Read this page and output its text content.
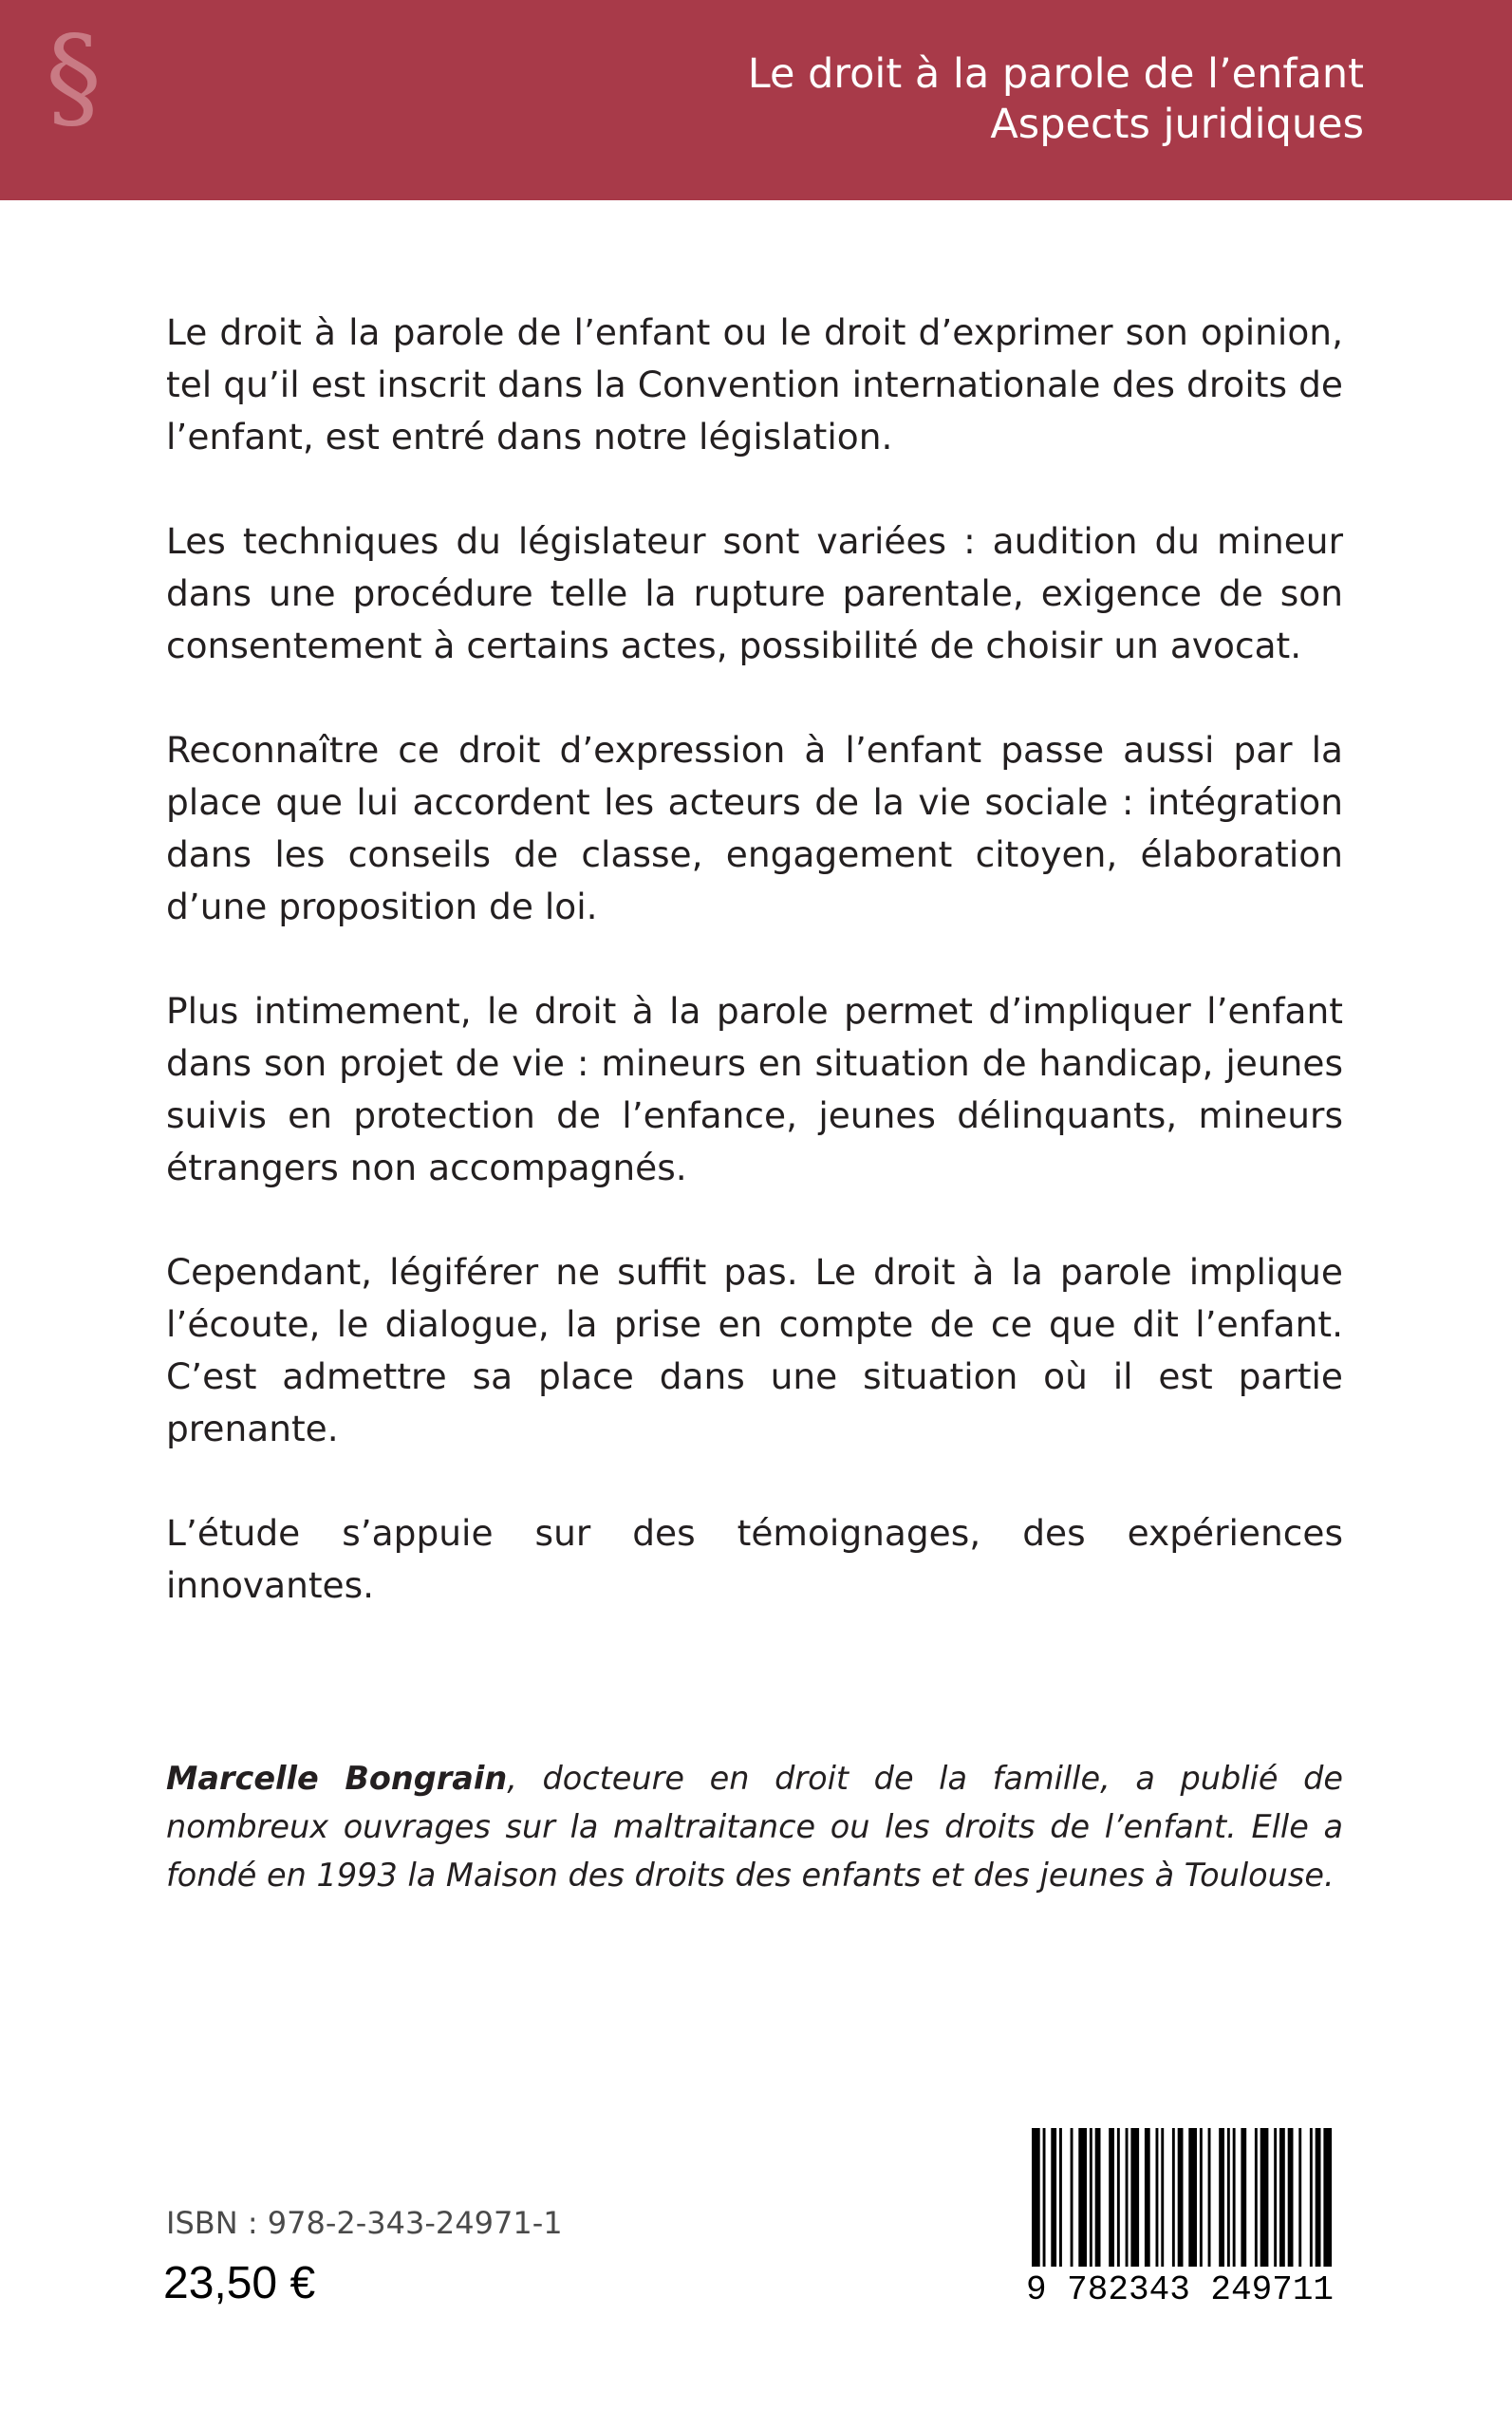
§	Le droit à la parole de l’enfant
Aspects juridiques

Le droit à la parole de l’enfant ou le droit d’exprimer son opinion, tel qu’il est inscrit dans la Convention internationale des droits de l’enfant, est entré dans notre législation.

Les techniques du législateur sont variées : audition du mineur dans une procédure telle la rupture parentale, exigence de son consentement à certains actes, possibilité de choisir un avocat.

Reconnaître ce droit d’expression à l’enfant passe aussi par la place que lui accordent les acteurs de la vie sociale : intégration dans les conseils de classe, engagement citoyen, élaboration d’une proposition de loi.

Plus intimement, le droit à la parole permet d’impliquer l’enfant dans son projet de vie : mineurs en situation de handicap, jeunes suivis en protection de l’enfance, jeunes délinquants, mineurs étrangers non accompagnés.

Cependant, légiférer ne suffit pas. Le droit à la parole implique l’écoute, le dialogue, la prise en compte de ce que dit l’enfant. C’est admettre sa place dans une situation où il est partie prenante.

L’étude s’appuie sur des témoignages, des expériences innovantes.

Marcelle Bongrain, docteure en droit de la famille, a publié de nombreux ouvrages sur la maltraitance ou les droits de l’enfant. Elle a fondé en 1993 la Maison des droits des enfants et des jeunes à Toulouse.
ISBN : 978-2-343-24971-1
23,50 €	9 782343 249711
